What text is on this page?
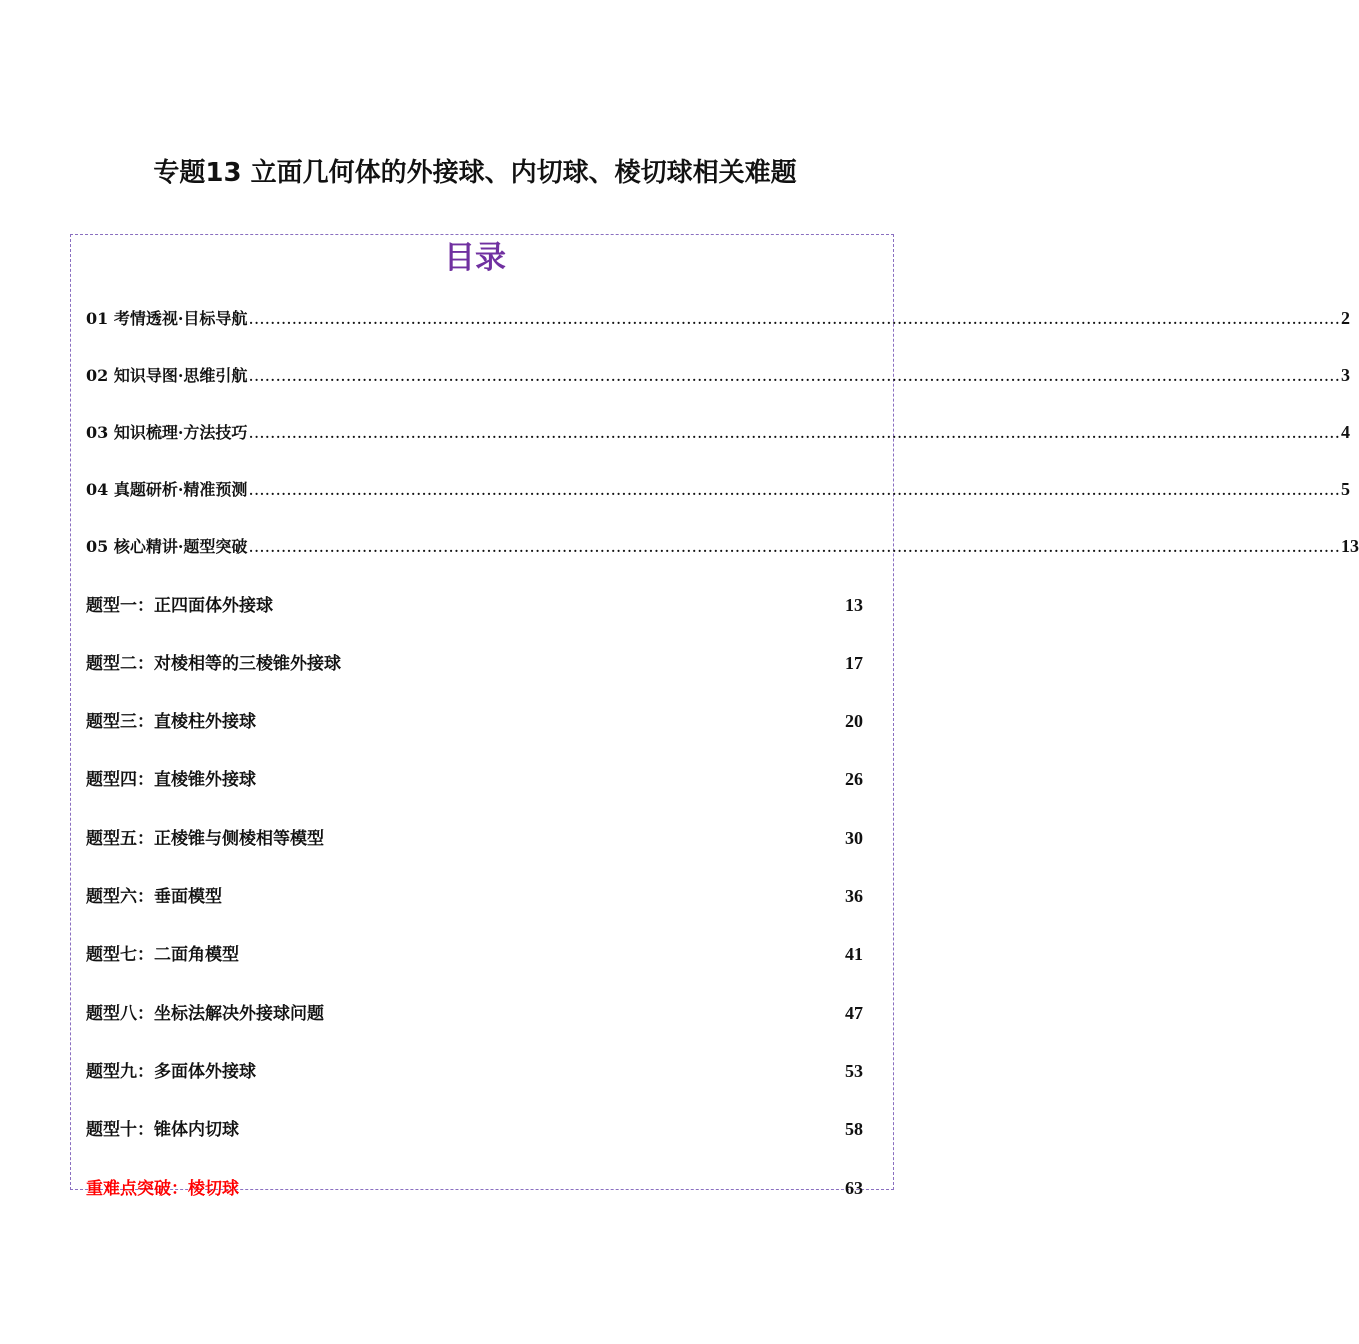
专题13 立面几何体的外接球、内切球、棱切球相关难题
目录
01 考情透视·目标导航 .......................................................................................................................................................................................................... 2
02 知识导图·思维引航 .......................................................................................................................................................................................................... 3
03 知识梳理·方法技巧 .......................................................................................................................................................................................................... 4
04 真题研析·精准预测 .......................................................................................................................................................................................................... 5
05 核心精讲·题型突破 .......................................................................................................................................................................................................... 13
题型一：正四面体外接球	13
题型二：对棱相等的三棱锥外接球	17
题型三：直棱柱外接球	20
题型四：直棱锥外接球	26
题型五：正棱锥与侧棱相等模型	30
题型六：垂面模型	36
题型七：二面角模型	41
题型八：坐标法解决外接球问题	47
题型九：多面体外接球	53
题型十：锥体内切球	58
重难点突破：棱切球	63
